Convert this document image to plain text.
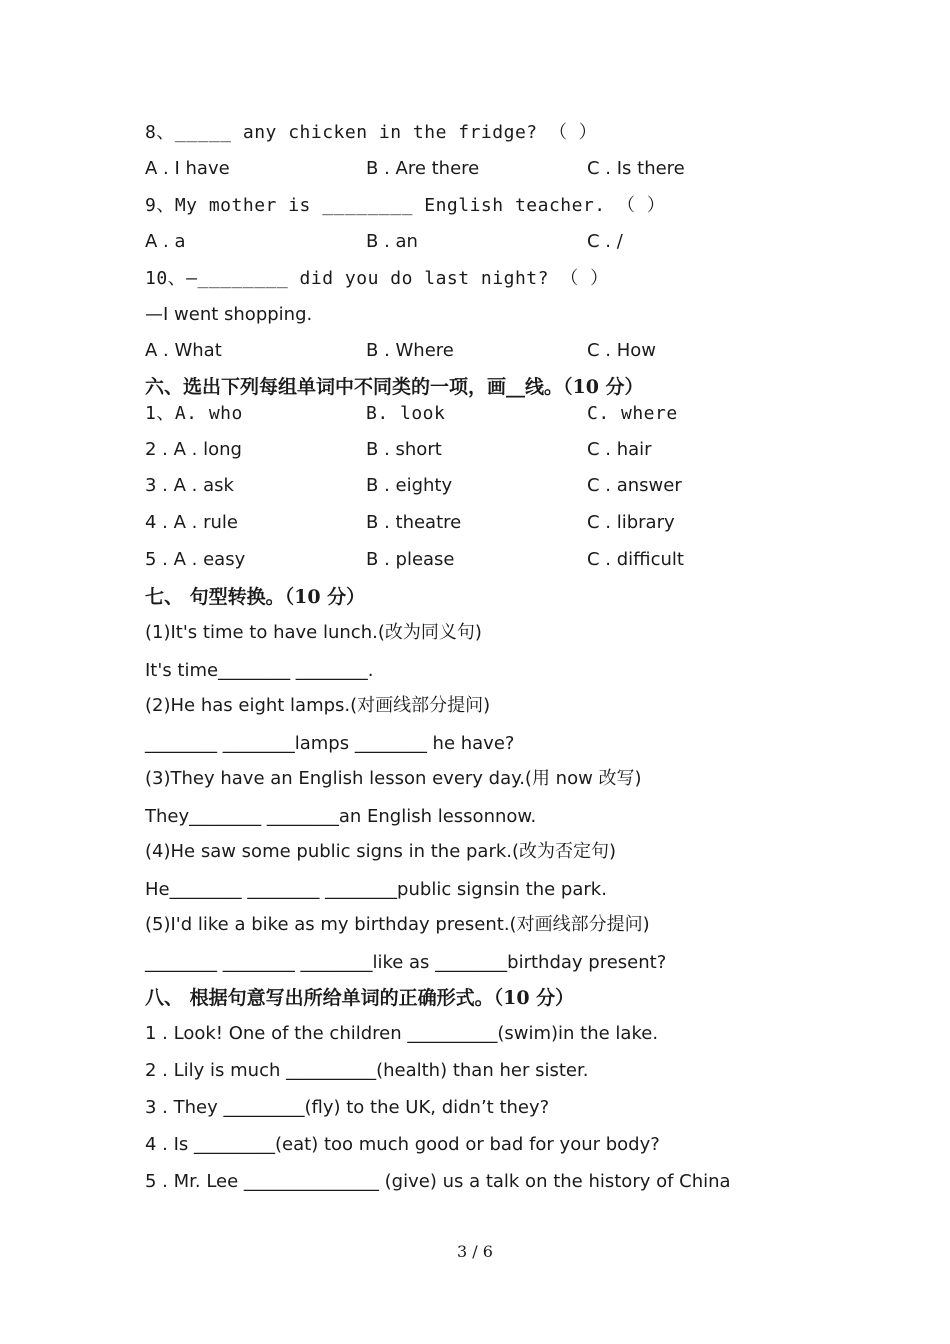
8、_____ any chicken in the fridge? （ ）
A . I have	B . Are there	C . Is there
9、My mother is ________ English teacher. （ ）
A . a	B . an	C . /
10、—________ did you do last night? （ ）
—I went shopping.
A . What	B . Where	C . How
六、选出下列每组单词中不同类的一项，画__线。（10 分）
1、A. who	B. look	C. where
2 . A . long	B . short	C . hair
3 . A . ask	B . eighty	C . answer
4 . A . rule	B . theatre	C . library
5 . A . easy	B . please	C . difficult
七、 句型转换。（10 分）
(1)It's time to have lunch.(改为同义句)
It's time________ ________.
(2)He has eight lamps.(对画线部分提问)
________ ________lamps ________ he have?
(3)They have an English lesson every day.(用 now 改写)
They________ ________an English lessonnow.
(4)He saw some public signs in the park.(改为否定句)
He________ ________ ________public signsin the park.
(5)I'd like a bike as my birthday present.(对画线部分提问)
________ ________ ________like as ________birthday present?
八、 根据句意写出所给单词的正确形式。（10 分）
1 . Look! One of the children __________(swim)in the lake.
2 . Lily is much __________(health) than her sister.
3 . They _________(fly) to the UK, didn’t they?
4 . Is _________(eat) too much good or bad for your body?
5 . Mr. Lee _______________ (give) us a talk on the history of China
3 / 6
